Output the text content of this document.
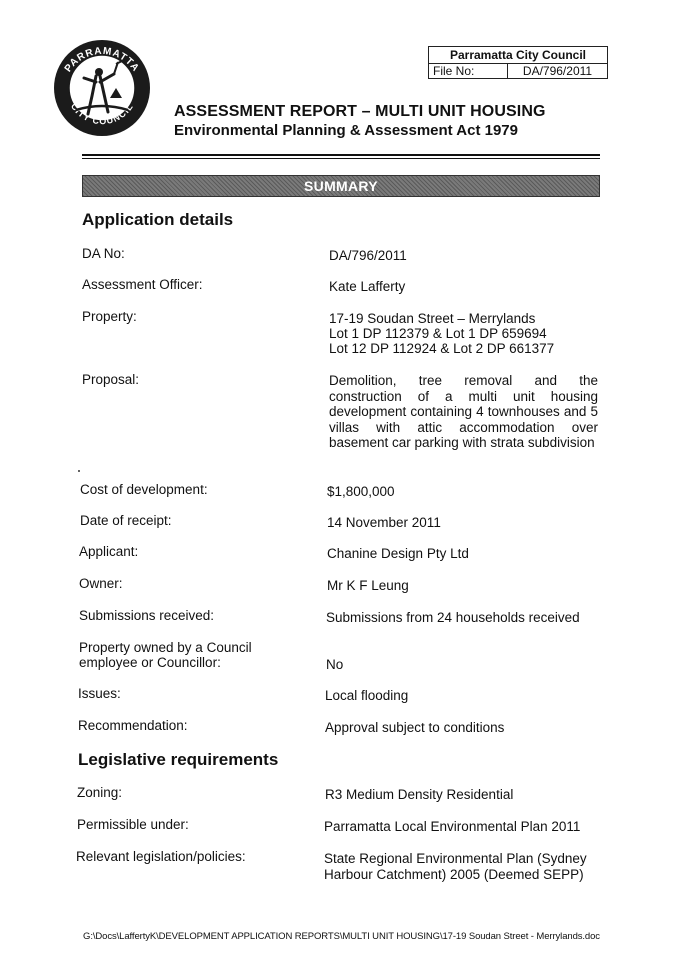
PARRAMATTA
CITY COUNCIL
Parramatta City Council
File No:	DA/796/2011
ASSESSMENT REPORT – MULTI UNIT HOUSING
Environmental Planning & Assessment Act 1979
SUMMARY
Application details
DA No:	DA/796/2011
Assessment Officer:	Kate Lafferty
Property:	17-19 Soudan Street – Merrylands
Lot 1 DP 112379 & Lot 1 DP 659694
Lot 12 DP 112924 & Lot 2 DP 661377
Proposal:	Demolition, tree removal and the construction of a multi unit housing development containing 4 townhouses and 5 villas with attic accommodation over basement car parking with strata subdivision
Cost of development:	$1,800,000
Date of receipt:	14 November 2011
Applicant:	Chanine Design Pty Ltd
Owner:	Mr K F Leung
Submissions received:	Submissions from 24 households received
Property owned by a Council
employee or Councillor:	No
Issues:	Local flooding
Recommendation:	Approval subject to conditions
Legislative requirements
Zoning:	R3 Medium Density Residential
Permissible under:	Parramatta Local Environmental Plan 2011
Relevant legislation/policies:	State Regional Environmental Plan (Sydney
Harbour Catchment) 2005 (Deemed SEPP)
G:\Docs\LaffertyK\DEVELOPMENT APPLICATION REPORTS\MULTI UNIT HOUSING\17-19 Soudan Street - Merrylands.doc
